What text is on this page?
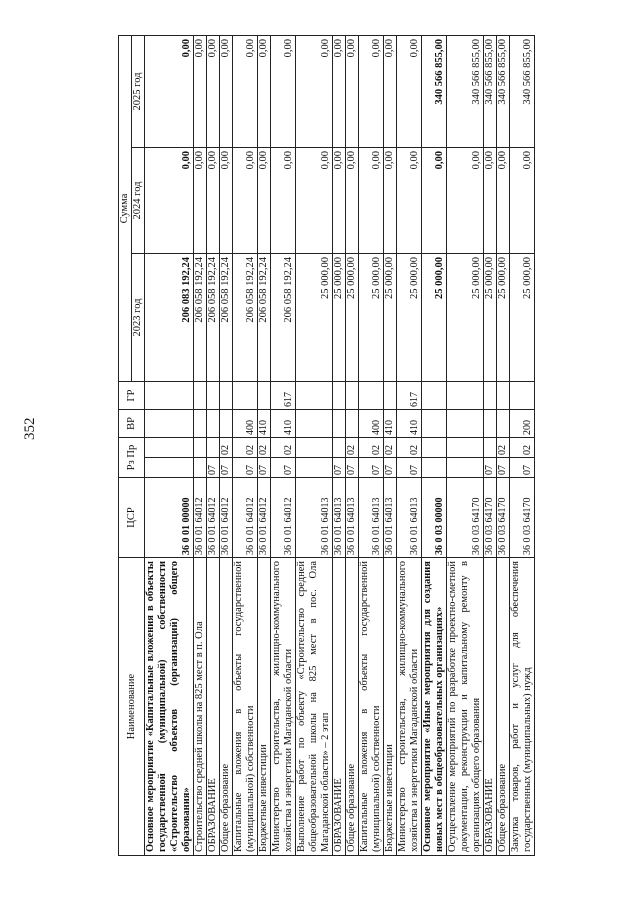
352
Наименование	ЦСР	Рз Пр		ВР	ГР	Сумма		
						2023 год	2024 год	2025 год
Основное мероприятие «Капитальные вложения в объекты государственной (муниципальной) собственности «Строительство объектов (организаций) общего образования»	36 0 01 00000					206 083 192,24	0,00	0,00
Строительство средней школы на 825 мест в п. Ола	36 0 01 64012					206 058 192,24	0,00	0,00
ОБРАЗОВАНИЕ	36 0 01 64012	07				206 058 192,24	0,00	0,00
Общее образование	36 0 01 64012	07	02			206 058 192,24	0,00	0,00
Капитальные вложения в объекты государственной (муниципальной) собственности	36 0 01 64012	07	02	400		206 058 192,24	0,00	0,00
Бюджетные инвестиции	36 0 01 64012	07	02	410		206 058 192,24	0,00	0,00
Министерство строительства, жилищно-коммунального хозяйства и энергетики Магаданской области	36 0 01 64012	07	02	410	617	206 058 192,24	0,00	0,00
Выполнение работ по объекту «Строительство средней общеобразовательной школы на 825 мест в пос. Ола Магаданской области» – 2 этап	36 0 01 64013					25 000,00	0,00	0,00
ОБРАЗОВАНИЕ	36 0 01 64013	07				25 000,00	0,00	0,00
Общее образование	36 0 01 64013	07	02			25 000,00	0,00	0,00
Капитальные вложения в объекты государственной (муниципальной) собственности	36 0 01 64013	07	02	400		25 000,00	0,00	0,00
Бюджетные инвестиции	36 0 01 64013	07	02	410		25 000,00	0,00	0,00
Министерство строительства, жилищно-коммунального хозяйства и энергетики Магаданской области	36 0 01 64013	07	02	410	617	25 000,00	0,00	0,00
Основное мероприятие «Иные мероприятия для создания новых мест в общеобразовательных организациях»	36 0 03 00000					25 000,00	0,00	340 566 855,00
Осуществление мероприятий по разработке проектно-сметной документации, реконструкции и капитальному ремонту в организациях общего образования	36 0 03 64170					25 000,00	0,00	340 566 855,00
ОБРАЗОВАНИЕ	36 0 03 64170	07				25 000,00	0,00	340 566 855,00
Общее образование	36 0 03 64170	07	02			25 000,00	0,00	340 566 855,00
Закупка товаров, работ и услуг для обеспечения государственных (муниципальных) нужд	36 0 03 64170	07	02	200		25 000,00	0,00	340 566 855,00
